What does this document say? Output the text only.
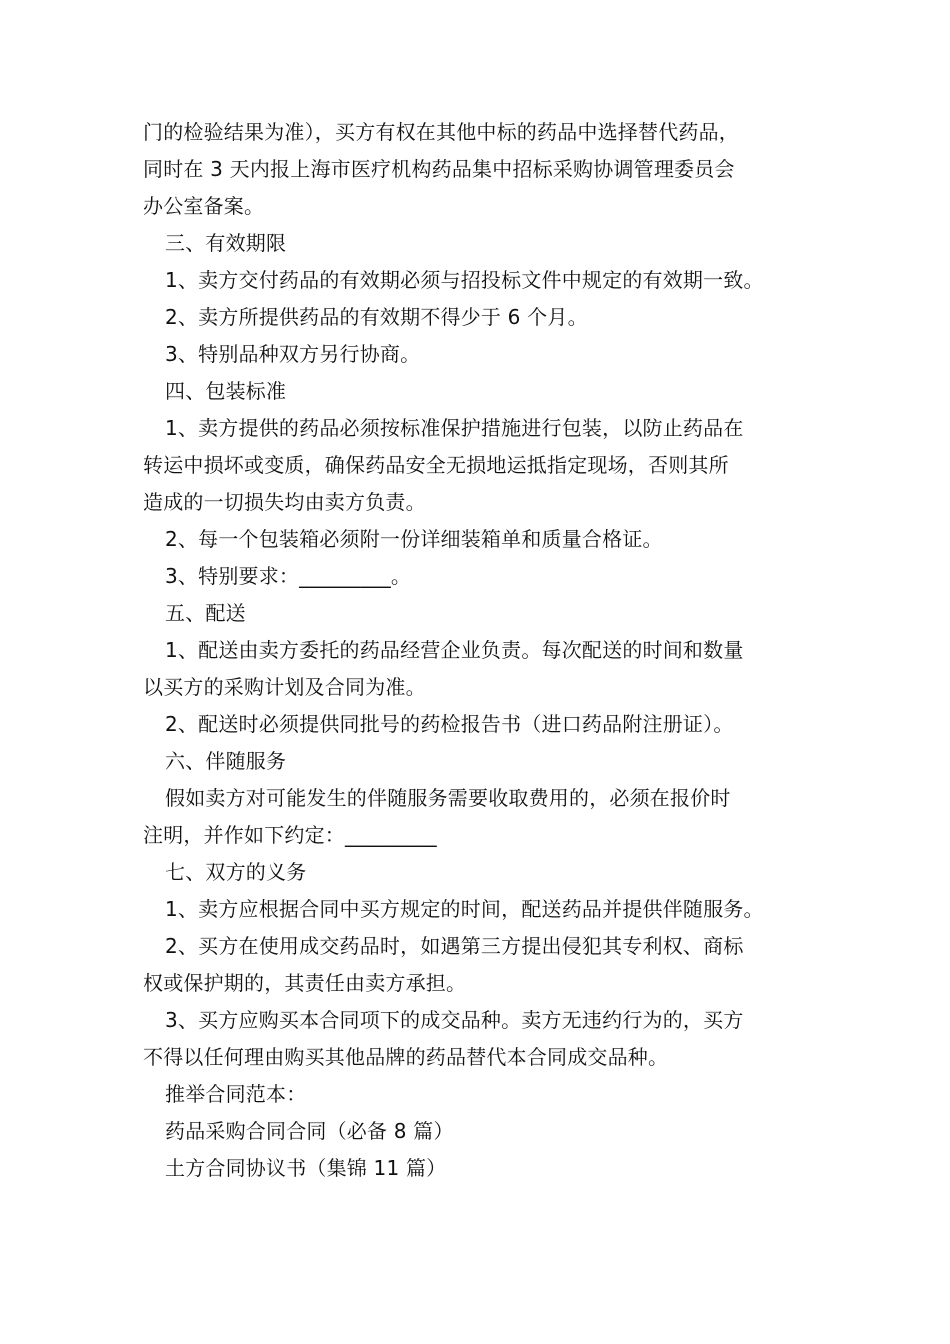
门的检验结果为准），买方有权在其他中标的药品中选择替代药品，
同时在 3 天内报上海市医疗机构药品集中招标采购协调管理委员会
办公室备案。
三、有效期限
1、卖方交付药品的有效期必须与招投标文件中规定的有效期一致。
2、卖方所提供药品的有效期不得少于 6 个月。
3、特别品种双方另行协商。
四、包装标准
1、卖方提供的药品必须按标准保护措施进行包装，以防止药品在
转运中损坏或变质，确保药品安全无损地运抵指定现场，否则其所
造成的一切损失均由卖方负责。
2、每一个包装箱必须附一份详细装箱单和质量合格证。
3、特别要求：_________。
五、配送
1、配送由卖方委托的药品经营企业负责。每次配送的时间和数量
以买方的采购计划及合同为准。
2、配送时必须提供同批号的药检报告书（进口药品附注册证）。
六、伴随服务
假如卖方对可能发生的伴随服务需要收取费用的，必须在报价时
注明，并作如下约定：_________
七、双方的义务
1、卖方应根据合同中买方规定的时间，配送药品并提供伴随服务。
2、买方在使用成交药品时，如遇第三方提出侵犯其专利权、商标
权或保护期的，其责任由卖方承担。
3、买方应购买本合同项下的成交品种。卖方无违约行为的，买方
不得以任何理由购买其他品牌的药品替代本合同成交品种。
推举合同范本：
药品采购合同合同（必备 8 篇）
土方合同协议书（集锦 11 篇）
